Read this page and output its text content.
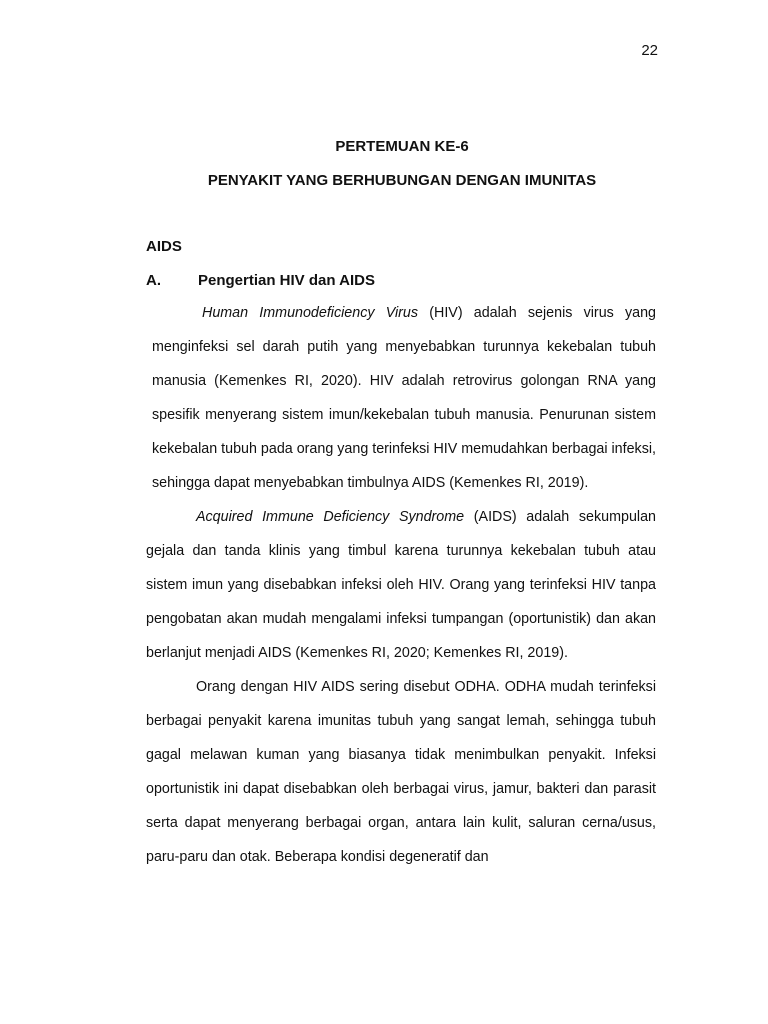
22

PERTEMUAN KE-6

PENYAKIT YANG BERHUBUNGAN DENGAN IMUNITAS

AIDS
A. Pengertian HIV dan AIDS

Human Immunodeficiency Virus (HIV) adalah sejenis virus yang menginfeksi sel darah putih yang menyebabkan turunnya kekebalan tubuh manusia (Kemenkes RI, 2020). HIV adalah retrovirus golongan RNA yang spesifik menyerang sistem imun/kekebalan tubuh manusia. Penurunan sistem kekebalan tubuh pada orang yang terinfeksi HIV memudahkan berbagai infeksi, sehingga dapat menyebabkan timbulnya AIDS (Kemenkes RI, 2019).

Acquired Immune Deficiency Syndrome (AIDS) adalah sekumpulan gejala dan tanda klinis yang timbul karena turunnya kekebalan tubuh atau sistem imun yang disebabkan infeksi oleh HIV. Orang yang terinfeksi HIV tanpa pengobatan akan mudah mengalami infeksi tumpangan (oportunistik) dan akan berlanjut menjadi AIDS (Kemenkes RI, 2020; Kemenkes RI, 2019).

Orang dengan HIV AIDS sering disebut ODHA. ODHA mudah terinfeksi berbagai penyakit karena imunitas tubuh yang sangat lemah, sehingga tubuh gagal melawan kuman yang biasanya tidak menimbulkan penyakit. Infeksi oportunistik ini dapat disebabkan oleh berbagai virus, jamur, bakteri dan parasit serta dapat menyerang berbagai organ, antara lain kulit, saluran cerna/usus, paru-paru dan otak. Beberapa kondisi degeneratif dan
